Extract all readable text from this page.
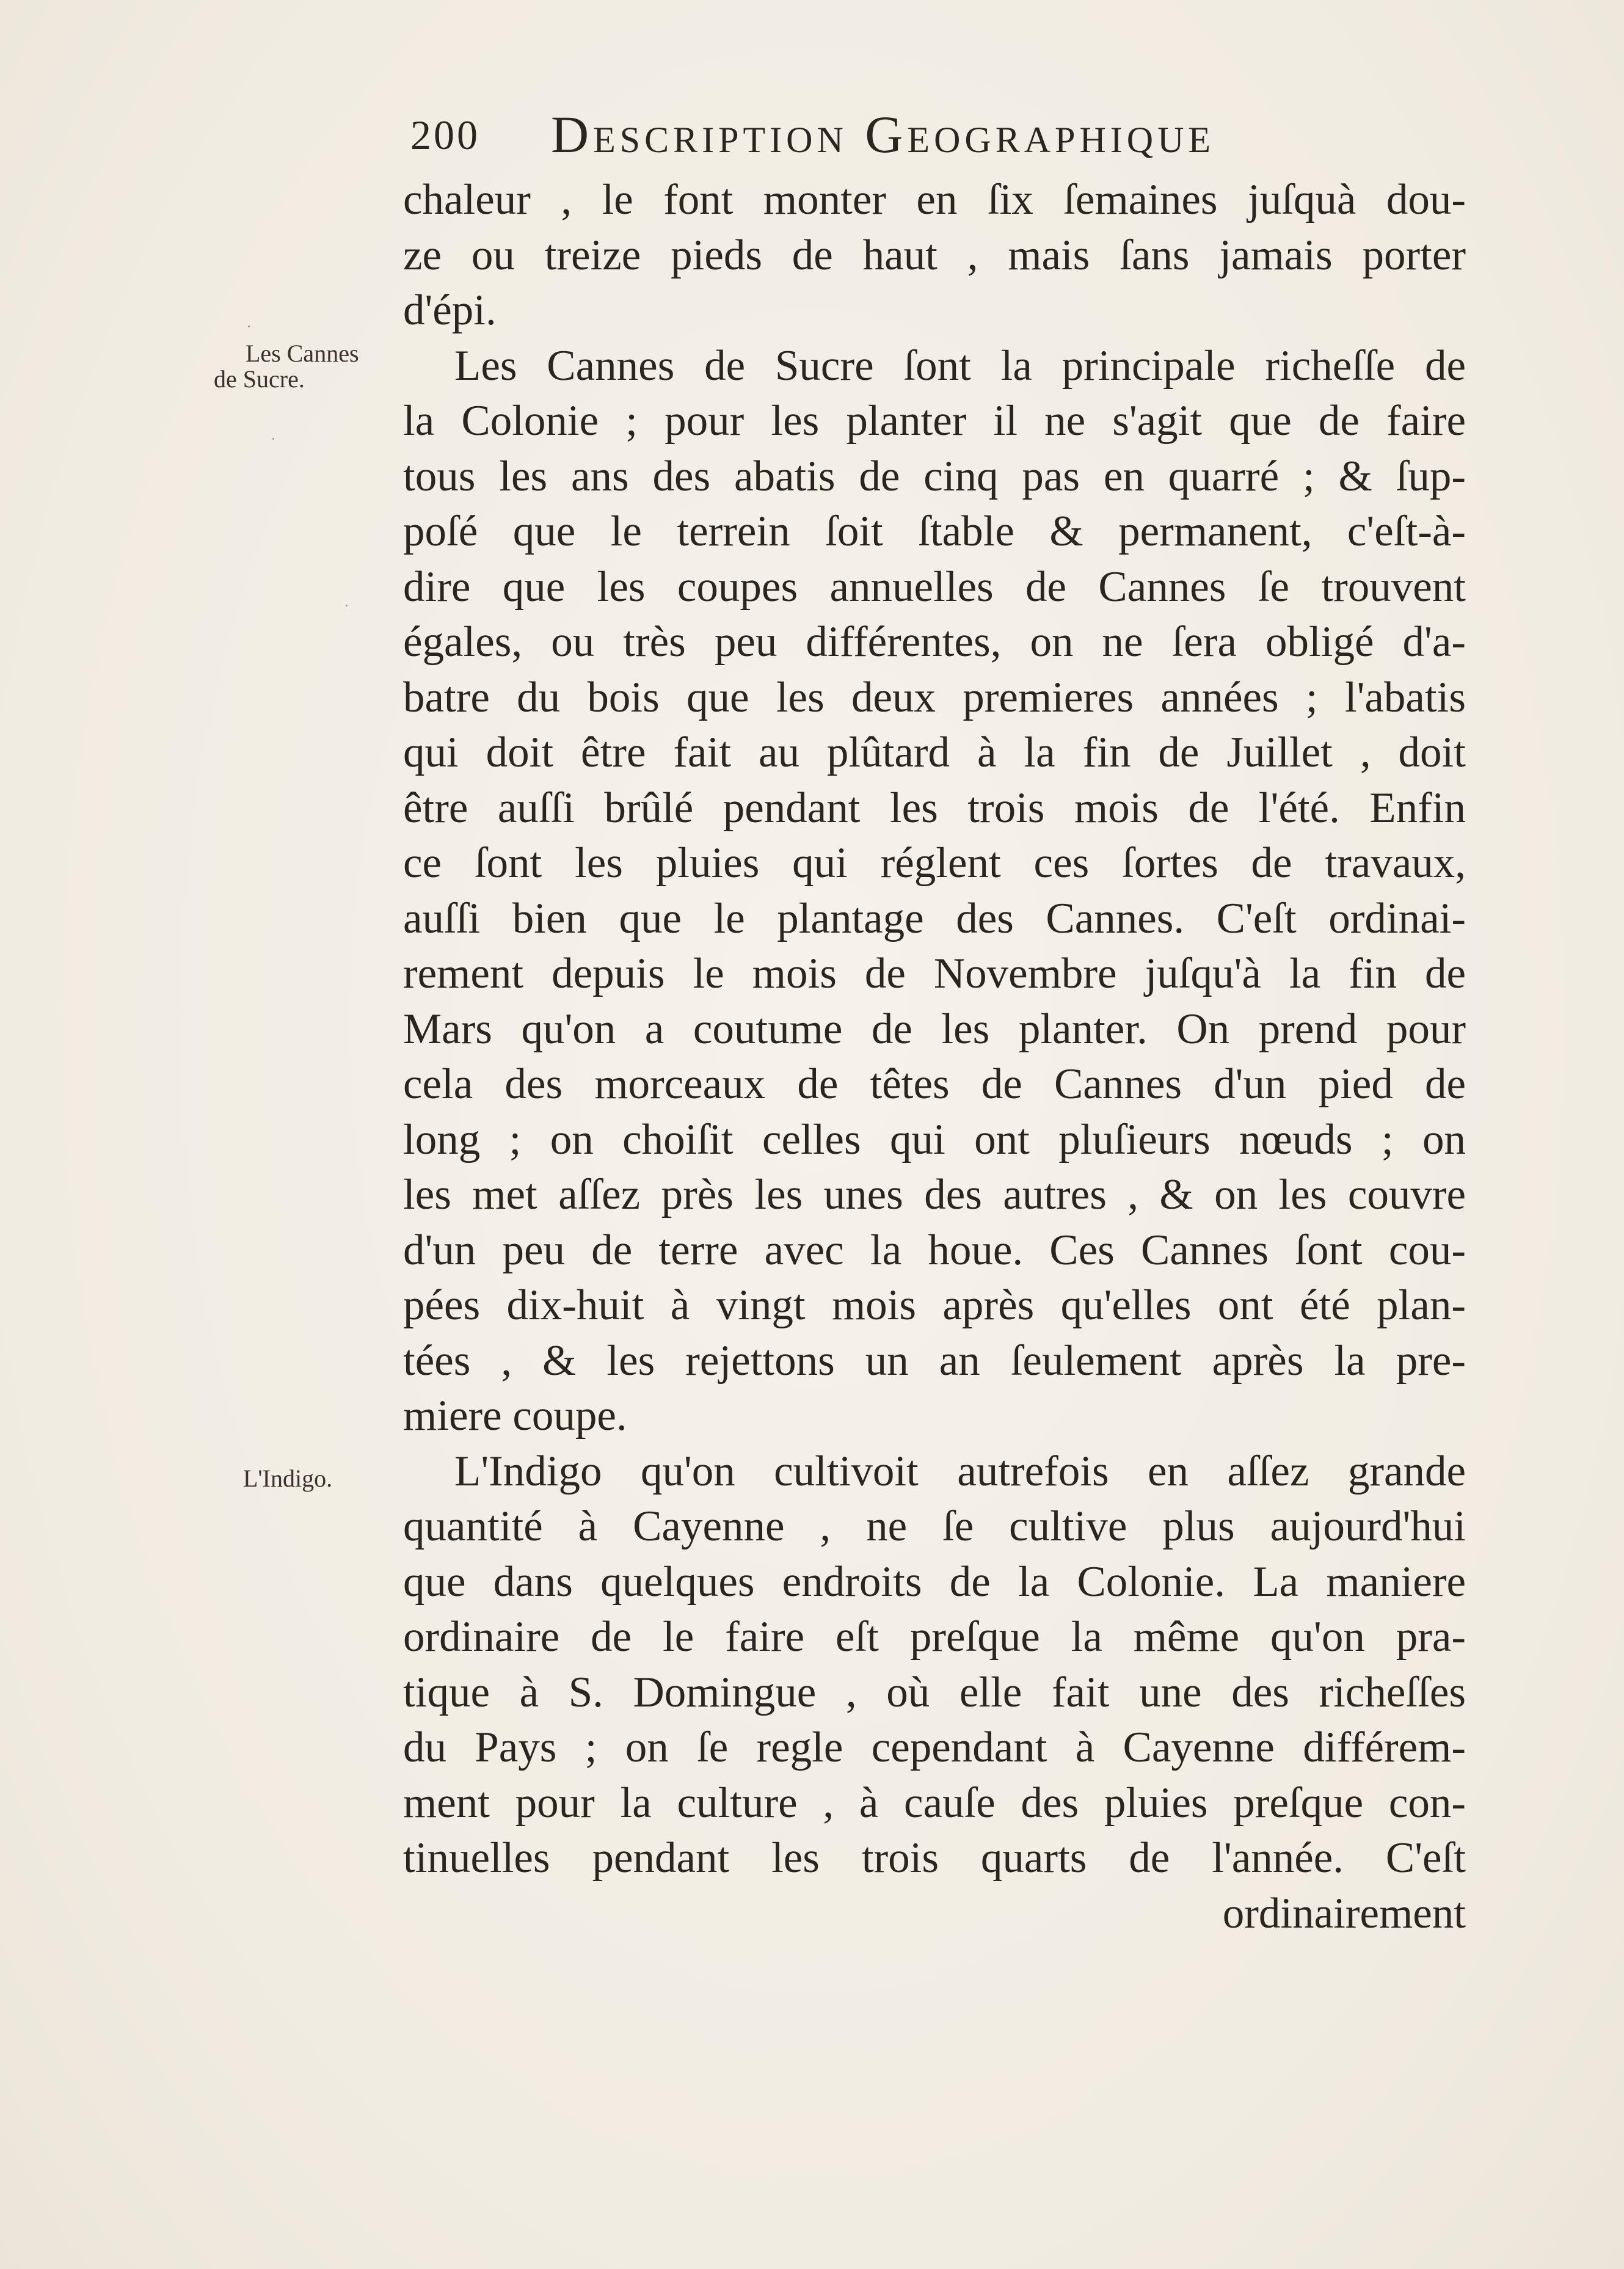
200 Description Geographique
Les Cannes
de Sucre.
L'Indigo.
chaleur , le font monter en ſix ſemaines juſquà dou-
ze ou treize pieds de haut , mais ſans jamais porter
d'épi.
Les Cannes de Sucre ſont la principale richeſſe de
la Colonie ; pour les planter il ne s'agit que de faire
tous les ans des abatis de cinq pas en quarré ; & ſup-
poſé que le terrein ſoit ſtable & permanent, c'eſt-à-
dire que les coupes annuelles de Cannes ſe trouvent
égales, ou très peu différentes, on ne ſera obligé d'a-
batre du bois que les deux premieres années ; l'abatis
qui doit être fait au plûtard à la fin de Juillet , doit
être auſſi brûlé pendant les trois mois de l'été. Enfin
ce ſont les pluies qui réglent ces ſortes de travaux,
auſſi bien que le plantage des Cannes. C'eſt ordinai-
rement depuis le mois de Novembre juſqu'à la fin de
Mars qu'on a coutume de les planter. On prend pour
cela des morceaux de têtes de Cannes d'un pied de
long ; on choiſit celles qui ont pluſieurs nœuds ; on
les met aſſez près les unes des autres , & on les couvre
d'un peu de terre avec la houe. Ces Cannes ſont cou-
pées dix-huit à vingt mois après qu'elles ont été plan-
tées , & les rejettons un an ſeulement après la pre-
miere coupe.
L'Indigo qu'on cultivoit autrefois en aſſez grande
quantité à Cayenne , ne ſe cultive plus aujourd'hui
que dans quelques endroits de la Colonie. La maniere
ordinaire de le faire eſt preſque la même qu'on pra-
tique à S. Domingue , où elle fait une des richeſſes
du Pays ; on ſe regle cependant à Cayenne différem-
ment pour la culture , à cauſe des pluies preſque con-
tinuelles pendant les trois quarts de l'année. C'eſt
ordinairement
